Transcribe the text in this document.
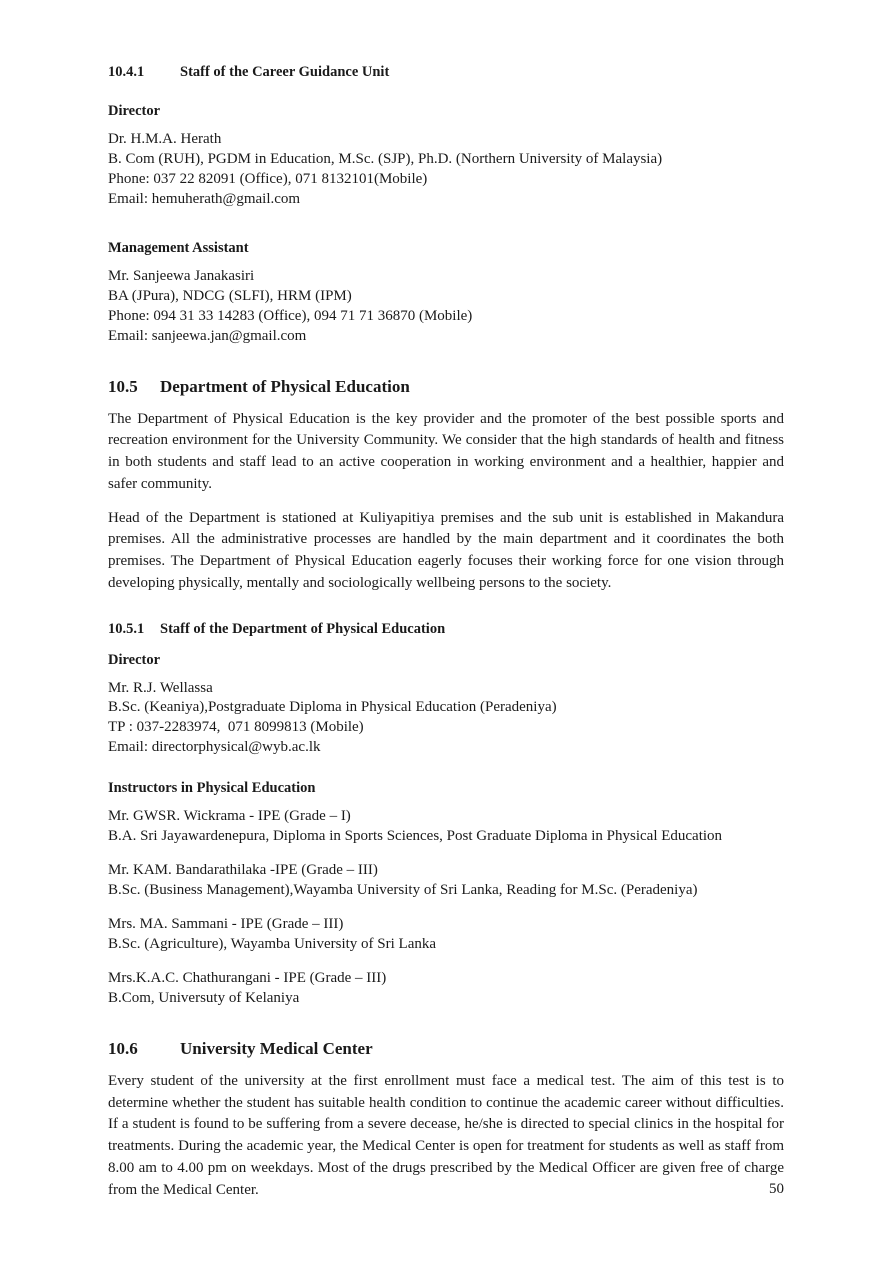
10.4.1	Staff of the Career Guidance Unit
Director
Dr. H.M.A. Herath
B. Com (RUH), PGDM in Education, M.Sc. (SJP), Ph.D. (Northern University of Malaysia)
Phone: 037 22 82091 (Office), 071 8132101(Mobile)
Email: hemuherath@gmail.com
Management Assistant
Mr. Sanjeewa Janakasiri
BA (JPura), NDCG (SLFI), HRM (IPM)
Phone: 094 31 33 14283 (Office), 094 71 71 36870 (Mobile)
Email: sanjeewa.jan@gmail.com
10.5	Department of Physical Education

The Department of Physical Education is the key provider and the promoter of the best possible sports and recreation environment for the University Community. We consider that the high standards of health and fitness in both students and staff lead to an active cooperation in working environment and a healthier, happier and safer community.

Head of the Department is stationed at Kuliyapitiya premises and the sub unit is established in Makandura premises. All the administrative processes are handled by the main department and it coordinates the both premises. The Department of Physical Education eagerly focuses their working force for one vision through developing physically, mentally and sociologically wellbeing persons to the society.

10.5.1	Staff of the Department of Physical Education
Director
Mr. R.J. Wellassa
B.Sc. (Keaniya),Postgraduate Diploma in Physical Education (Peradeniya)
TP : 037-2283974,  071 8099813 (Mobile)
Email: directorphysical@wyb.ac.lk
Instructors in Physical Education
Mr. GWSR. Wickrama - IPE (Grade – I)
B.A. Sri Jayawardenepura, Diploma in Sports Sciences, Post Graduate Diploma in Physical Education
Mr. KAM. Bandarathilaka -IPE (Grade – III)
B.Sc. (Business Management),Wayamba University of Sri Lanka, Reading for M.Sc. (Peradeniya)
Mrs. MA. Sammani - IPE (Grade – III)
B.Sc. (Agriculture), Wayamba University of Sri Lanka
Mrs.K.A.C. Chathurangani - IPE (Grade – III)
B.Com, Universuty of Kelaniya
10.6	University Medical Center

Every student of the university at the first enrollment must face a medical test. The aim of this test is to determine whether the student has suitable health condition to continue the academic career without difficulties. If a student is found to be suffering from a severe decease, he/she is directed to special clinics in the hospital for treatments. During the academic year, the Medical Center is open for treatment for students as well as staff from 8.00 am to 4.00 pm on weekdays. Most of the drugs prescribed by the Medical Officer are given free of charge from the Medical Center.	50
